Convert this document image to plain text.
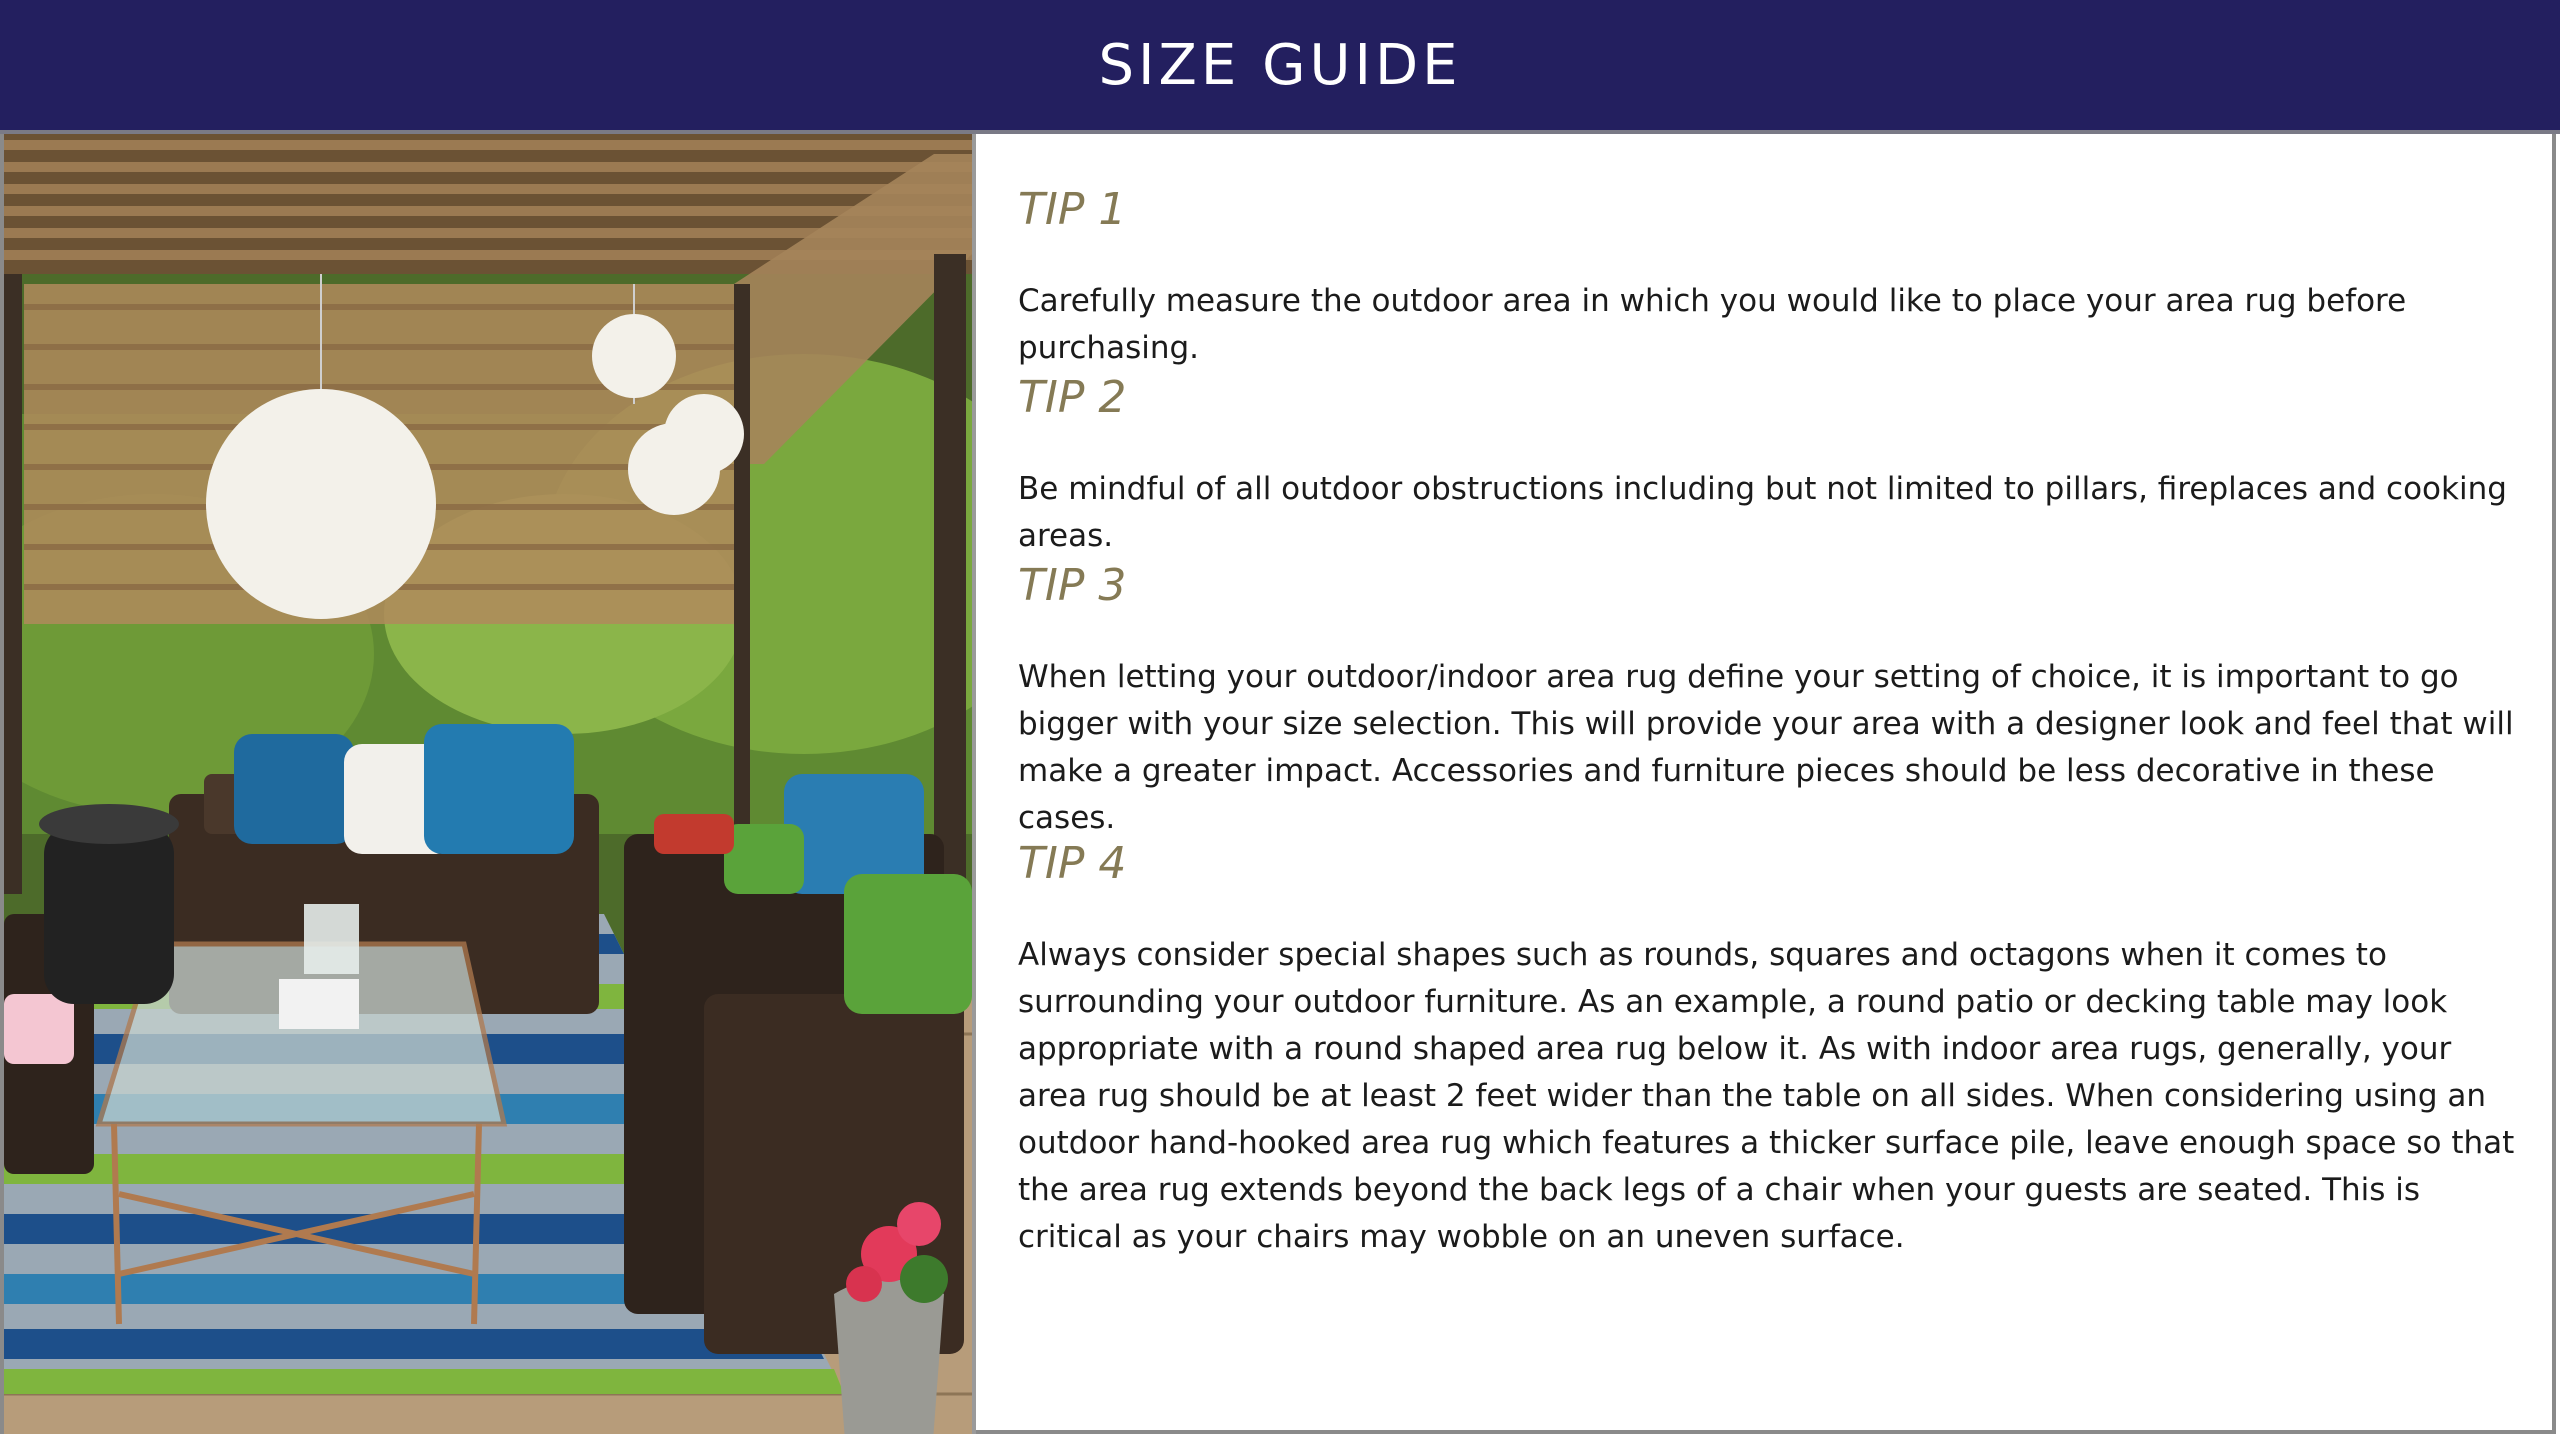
SIZE GUIDE

TIP 1

Carefully measure the outdoor area in which you would like to place your area rug before purchasing.

TIP 2

Be mindful of all outdoor obstructions including but not limited to pillars, fireplaces and cooking areas.

TIP 3

When letting your outdoor/indoor area rug define your setting of choice, it is important to go bigger with your size selection. This will provide your area with a designer look and feel that will make a greater impact. Accessories and furniture pieces should be less decorative in these cases.

TIP 4

Always consider special shapes such as rounds, squares and octagons when it comes to surrounding your outdoor furniture. As an example, a round patio or decking table may look appropriate with a round shaped area rug below it. As with indoor area rugs, generally, your area rug should be at least 2 feet wider than the table on all sides. When considering using an outdoor hand-hooked area rug which features a thicker surface pile, leave enough space so that the area rug extends beyond the back legs of a chair when your guests are seated. This is critical as your chairs may wobble on an uneven surface.
